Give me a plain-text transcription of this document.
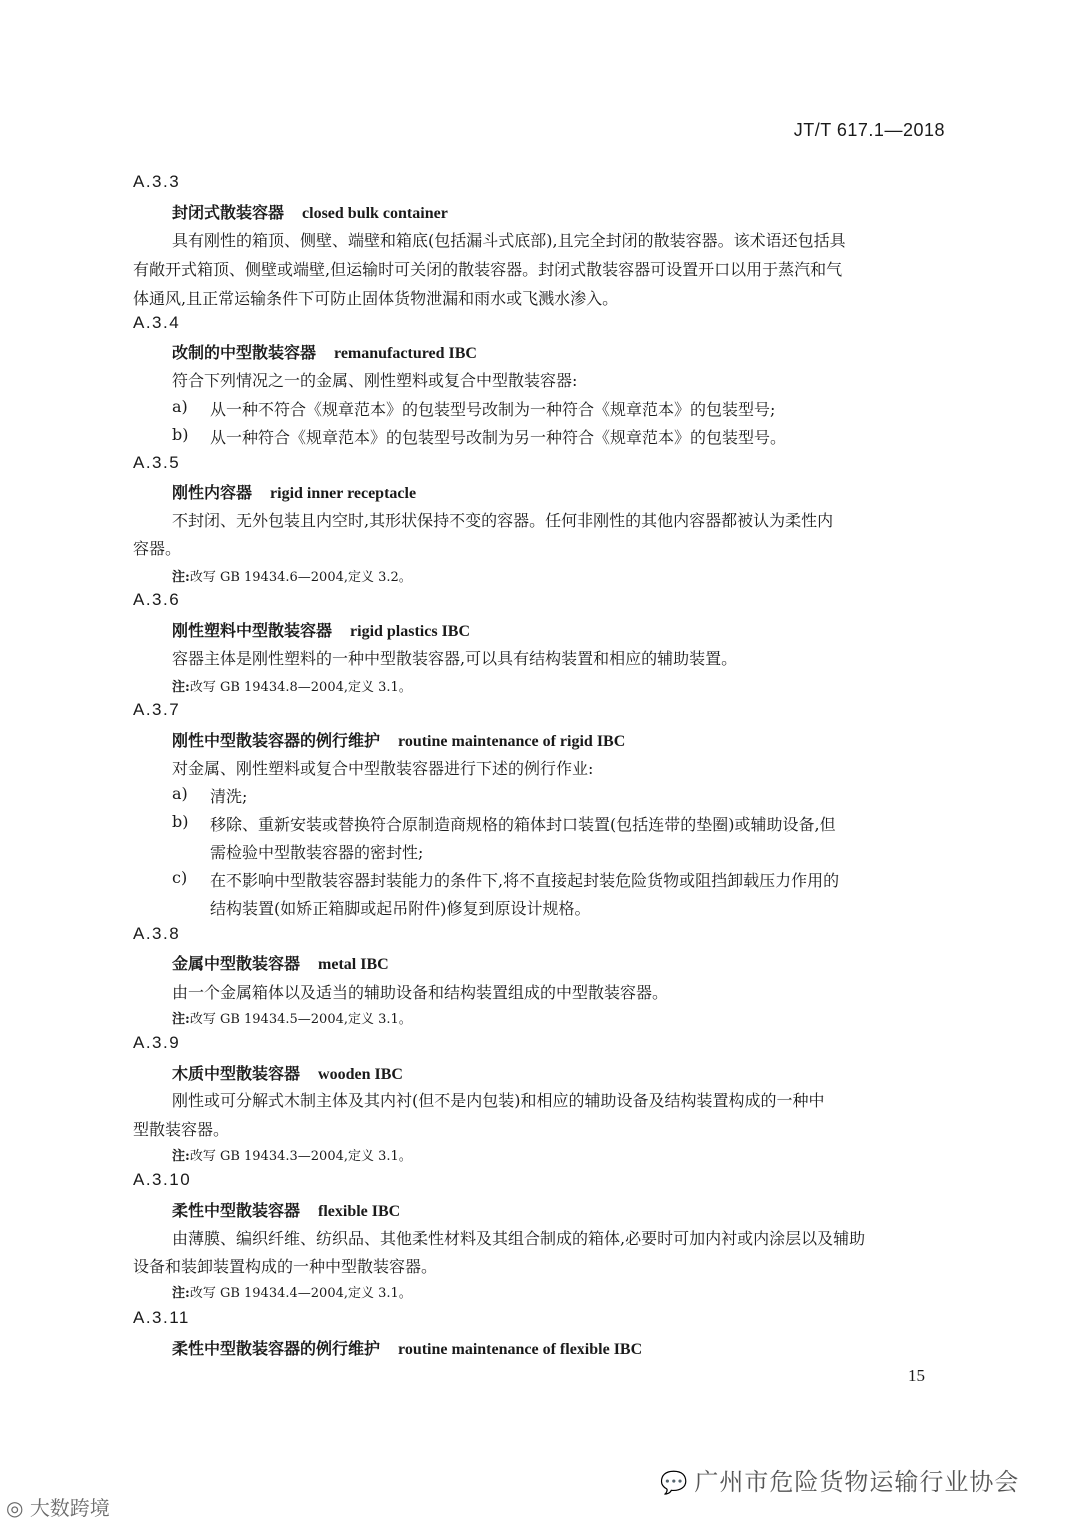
JT/T 617.1—2018
A.3.3
封闭式散装容器 closed bulk container
具有刚性的箱顶、侧壁、端壁和箱底(包括漏斗式底部),且完全封闭的散装容器。该术语还包括具
有敞开式箱顶、侧壁或端壁,但运输时可关闭的散装容器。封闭式散装容器可设置开口以用于蒸汽和气
体通风,且正常运输条件下可防止固体货物泄漏和雨水或飞溅水渗入。
A.3.4
改制的中型散装容器 remanufactured IBC
符合下列情况之一的金属、刚性塑料或复合中型散装容器:
a) 从一种不符合《规章范本》的包装型号改制为一种符合《规章范本》的包装型号;
b) 从一种符合《规章范本》的包装型号改制为另一种符合《规章范本》的包装型号。
A.3.5
刚性内容器 rigid inner receptacle
不封闭、无外包装且内空时,其形状保持不变的容器。任何非刚性的其他内容器都被认为柔性内
容器。
注:改写 GB 19434.6—2004,定义 3.2。
A.3.6
刚性塑料中型散装容器 rigid plastics IBC
容器主体是刚性塑料的一种中型散装容器,可以具有结构装置和相应的辅助装置。
注:改写 GB 19434.8—2004,定义 3.1。
A.3.7
刚性中型散装容器的例行维护 routine maintenance of rigid IBC
对金属、刚性塑料或复合中型散装容器进行下述的例行作业:
a) 清洗;
b) 移除、重新安装或替换符合原制造商规格的箱体封口装置(包括连带的垫圈)或辅助设备,但
需检验中型散装容器的密封性;
c) 在不影响中型散装容器封装能力的条件下,将不直接起封装危险货物或阻挡卸载压力作用的
结构装置(如矫正箱脚或起吊附件)修复到原设计规格。
A.3.8
金属中型散装容器 metal IBC
由一个金属箱体以及适当的辅助设备和结构装置组成的中型散装容器。
注:改写 GB 19434.5—2004,定义 3.1。
A.3.9
木质中型散装容器 wooden IBC
刚性或可分解式木制主体及其内衬(但不是内包装)和相应的辅助设备及结构装置构成的一种中
型散装容器。
注:改写 GB 19434.3—2004,定义 3.1。
A.3.10
柔性中型散装容器 flexible IBC
由薄膜、编织纤维、纺织品、其他柔性材料及其组合制成的箱体,必要时可加内衬或内涂层以及辅助
设备和装卸装置构成的一种中型散装容器。
注:改写 GB 19434.4—2004,定义 3.1。
A.3.11
柔性中型散装容器的例行维护 routine maintenance of flexible IBC
15
💬 广州市危险货物运输行业协会
◎ 大数跨境
